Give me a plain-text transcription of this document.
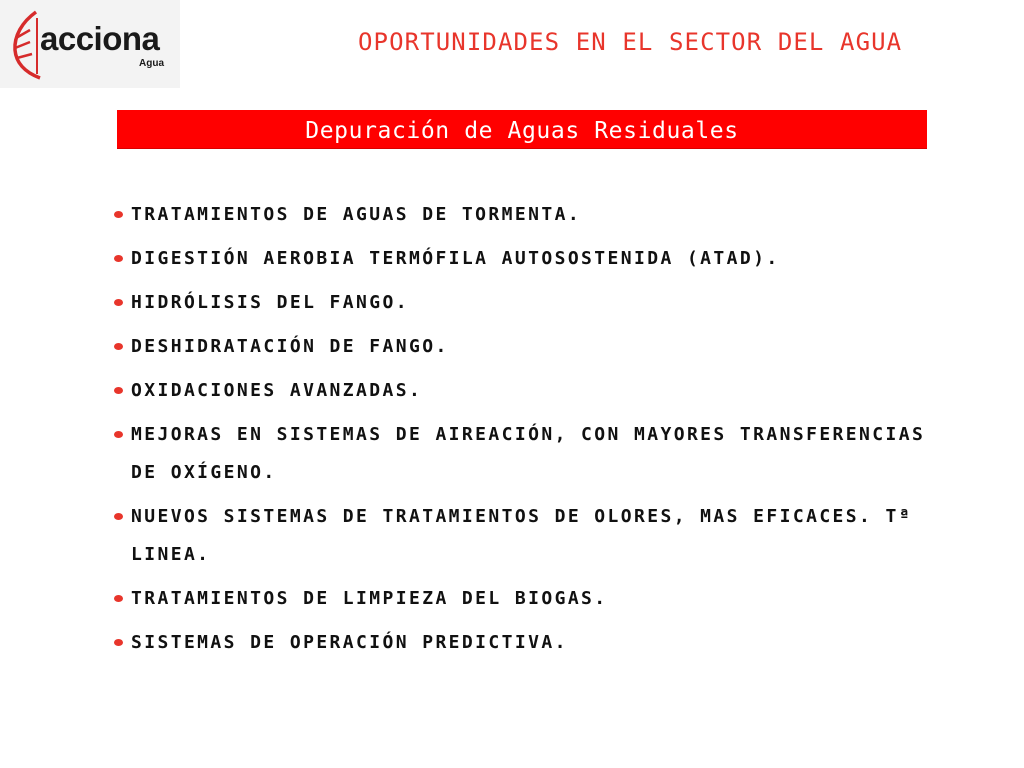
acciona
Agua
OPORTUNIDADES EN EL SECTOR DEL AGUA
Depuración de Aguas Residuales
TRATAMIENTOS DE AGUAS DE TORMENTA.
DIGESTIÓN AEROBIA TERMÓFILA AUTOSOSTENIDA (ATAD).
HIDRÓLISIS DEL FANGO.
DESHIDRATACIÓN DE FANGO.
OXIDACIONES AVANZADAS.
MEJORAS EN SISTEMAS DE AIREACIÓN, CON MAYORES TRANSFERENCIAS DE OXÍGENO.
NUEVOS SISTEMAS DE TRATAMIENTOS DE OLORES, MAS EFICACES. Tª LINEA.
TRATAMIENTOS DE LIMPIEZA DEL BIOGAS.
SISTEMAS DE OPERACIÓN PREDICTIVA.
